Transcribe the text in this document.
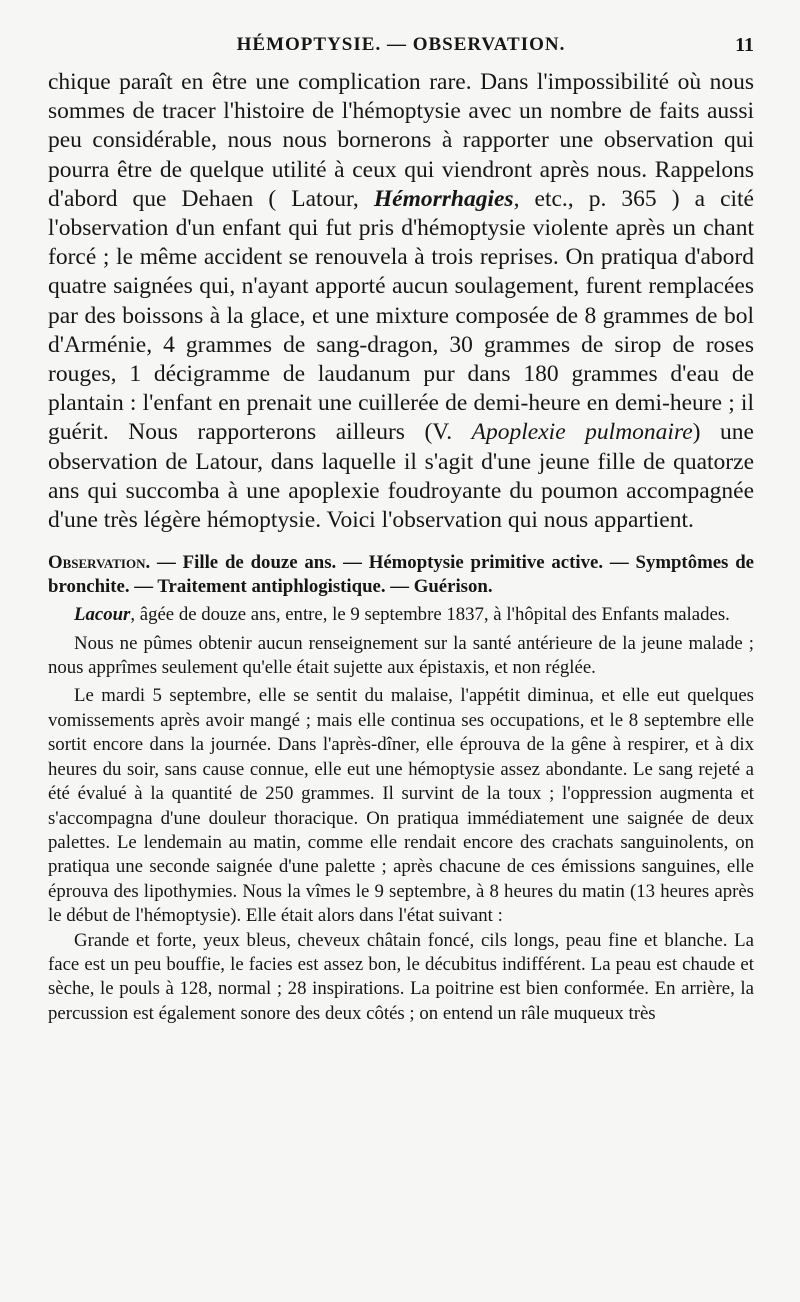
HÉMOPTYSIE. — OBSERVATION.	11

chique paraît en être une complication rare. Dans l'impossibilité où nous sommes de tracer l'histoire de l'hémoptysie avec un nombre de faits aussi peu considérable, nous nous bornerons à rapporter une observation qui pourra être de quelque utilité à ceux qui viendront après nous. Rappelons d'abord que Dehaen ( Latour, Hémorrhagies, etc., p. 365 ) a cité l'observation d'un enfant qui fut pris d'hémoptysie violente après un chant forcé ; le même accident se renouvela à trois reprises. On pratiqua d'abord quatre saignées qui, n'ayant apporté aucun soulagement, furent remplacées par des boissons à la glace, et une mixture composée de 8 grammes de bol d'Arménie, 4 grammes de sang-dragon, 30 grammes de sirop de roses rouges, 1 décigramme de laudanum pur dans 180 grammes d'eau de plantain : l'enfant en prenait une cuillerée de demi-heure en demi-heure ; il guérit. Nous rapporterons ailleurs (V. Apoplexie pulmonaire) une observation de Latour, dans laquelle il s'agit d'une jeune fille de quatorze ans qui succomba à une apoplexie foudroyante du poumon accompagnée d'une très légère hémoptysie. Voici l'observation qui nous appartient.

Observation. — Fille de douze ans. — Hémoptysie primitive active. — Symptômes de bronchite. — Traitement antiphlogistique. — Guérison.

Lacour, âgée de douze ans, entre, le 9 septembre 1837, à l'hôpital des Enfants malades.

Nous ne pûmes obtenir aucun renseignement sur la santé antérieure de la jeune malade ; nous apprîmes seulement qu'elle était sujette aux épistaxis, et non réglée.

Le mardi 5 septembre, elle se sentit du malaise, l'appétit diminua, et elle eut quelques vomissements après avoir mangé ; mais elle continua ses occupations, et le 8 septembre elle sortit encore dans la journée. Dans l'après-dîner, elle éprouva de la gêne à respirer, et à dix heures du soir, sans cause connue, elle eut une hémoptysie assez abondante. Le sang rejeté a été évalué à la quantité de 250 grammes. Il survint de la toux ; l'oppression augmenta et s'accompagna d'une douleur thoracique. On pratiqua immédiatement une saignée de deux palettes. Le lendemain au matin, comme elle rendait encore des crachats sanguinolents, on pratiqua une seconde saignée d'une palette ; après chacune de ces émissions sanguines, elle éprouva des lipothymies. Nous la vîmes le 9 septembre, à 8 heures du matin (13 heures après le début de l'hémoptysie). Elle était alors dans l'état suivant :

Grande et forte, yeux bleus, cheveux châtain foncé, cils longs, peau fine et blanche. La face est un peu bouffie, le facies est assez bon, le décubitus indifférent. La peau est chaude et sèche, le pouls à 128, normal ; 28 inspirations. La poitrine est bien conformée. En arrière, la percussion est également sonore des deux côtés ; on entend un râle muqueux très
